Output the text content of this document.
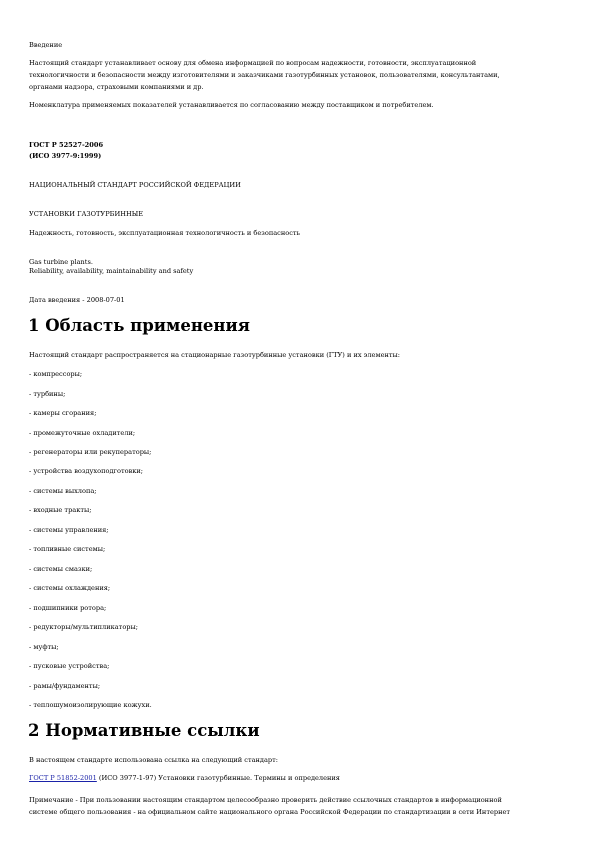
Введение

Настоящий стандарт устанавливает основу для обмена информацией по вопросам надежности, готовности, эксплуатационной

технологичности и безопасности между изготовителями и заказчиками газотурбинных установок, пользователями, консультантами,

органами надзора, страховыми компаниями и др.

Номенклатура применяемых показателей устанавливается по согласованию между поставщиком и потребителем.

ГОСТ Р 52527-2006

(ИСО 3977-9:1999)

НАЦИОНАЛЬНЫЙ СТАНДАРТ РОССИЙСКОЙ ФЕДЕРАЦИИ

УСТАНОВКИ ГАЗОТУРБИННЫЕ

Надежность, готовность, эксплуатационная технологичность и безопасность

Gas turbine plants.

Reliability, availability, maintainability and safety

Дата введения - 2008-07-01

1 Область применения

Настоящий стандарт распространяется на стационарные газотурбинные установки (ГТУ) и их элементы:

- компрессоры;

- турбины;

- камеры сгорания;

- промежуточные охладители;

- регенераторы или рекуператоры;

- устройства воздухоподготовки;

- системы выхлопа;

- входные тракты;

- системы управления;

- топливные системы;

- системы смазки;

- системы охлаждения;

- подшипники ротора;

- редукторы/мультипликаторы;

- муфты;

- пусковые устройства;

- рамы/фундаменты;

- теплошумоизолирующие кожухи.

2 Нормативные ссылки

В настоящем стандарте использована ссылка на следующий стандарт:

ГОСТ Р 51852-2001 (ИСО 3977-1-97) Установки газотурбинные. Термины и определения

Примечание - При пользовании настоящим стандартом целесообразно проверить действие ссылочных стандартов в информационной

системе общего пользования - на официальном сайте национального органа Российской Федерации по стандартизации в сети Интернет
